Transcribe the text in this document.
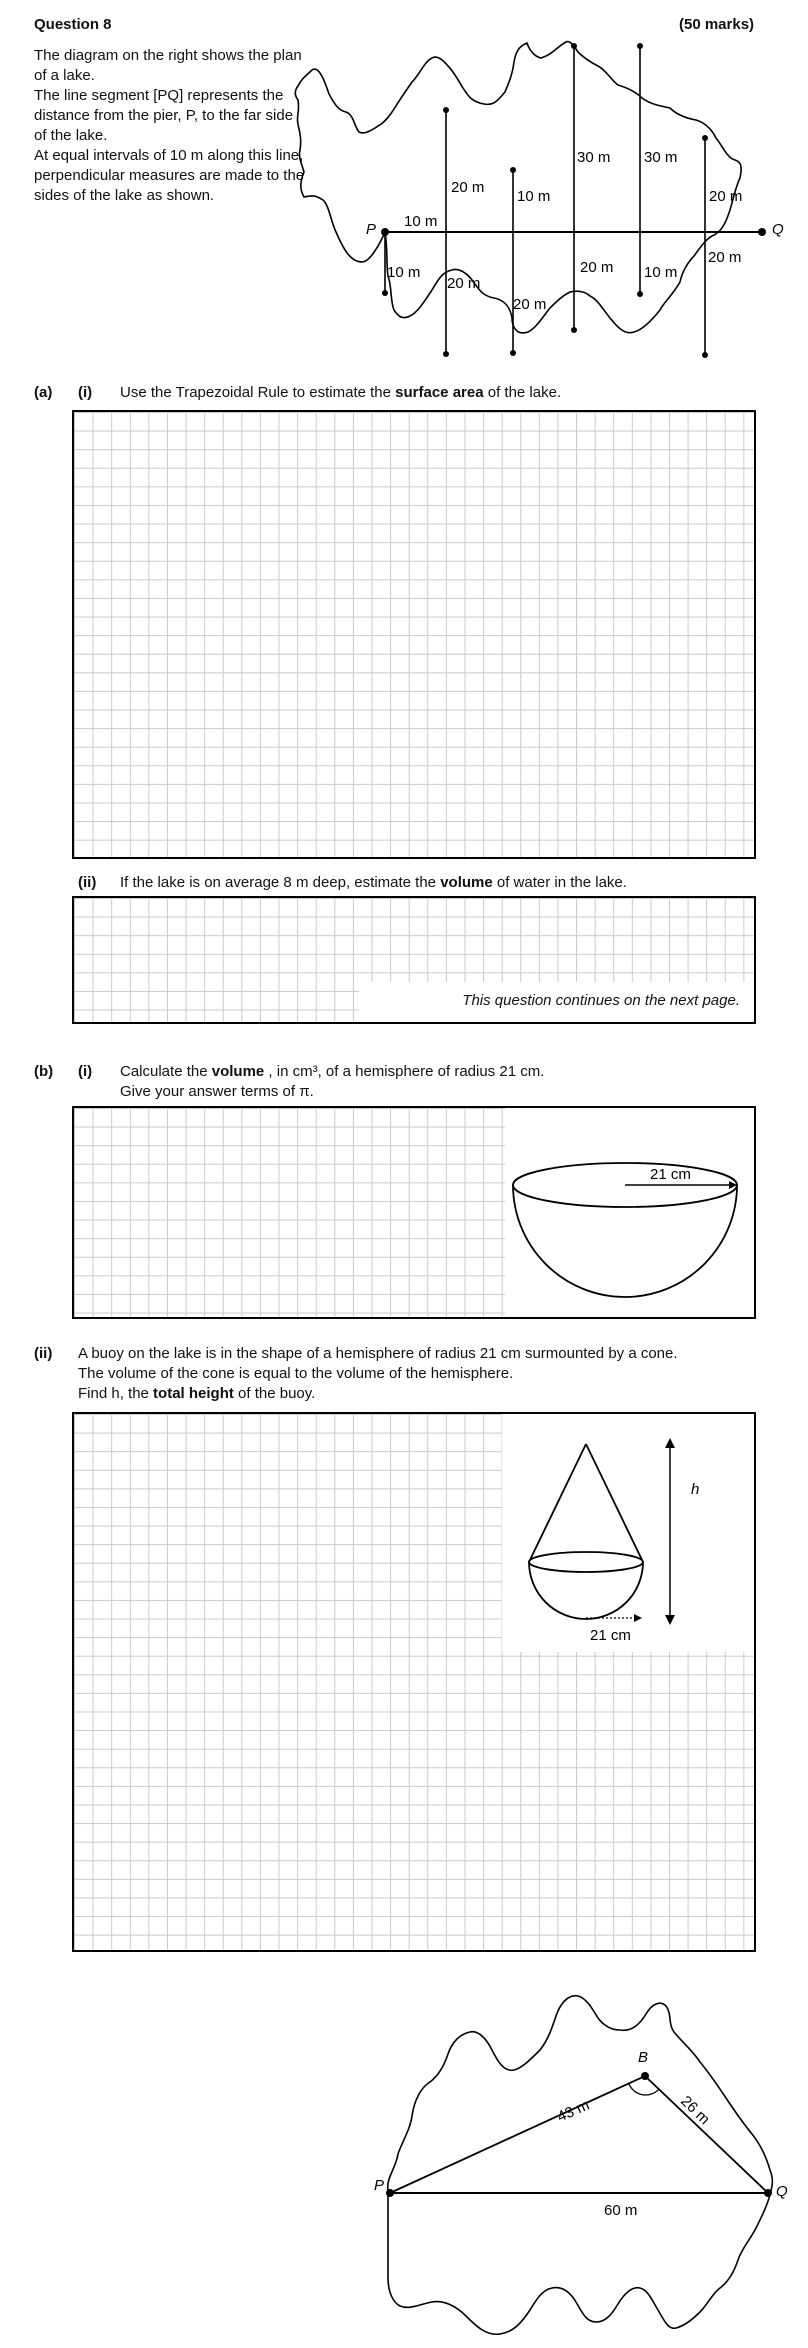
Question 8	(50 marks)
The diagram on the right shows the plan
of a lake.
The line segment [PQ] represents the
distance from the pier, P, to the far side
of the lake.
At equal intervals of 10 m along this line,
perpendicular measures are made to the
sides of the lake as shown.
P	Q
10 m
20 m
10 m
30 m 30 m
20 m
10 m
20 m
20 m
20 m 10 m
20 m
(a) (i) Use the Trapezoidal Rule to estimate the surface area of the lake.
(ii) If the lake is on average 8 m deep, estimate the volume of water in the lake.
This question continues on the next page.
(b) (i) Calculate the volume , in cm³, of a hemisphere of radius 21 cm.
Give your answer terms of π.
21 cm
(ii) A buoy on the lake is in the shape of a hemisphere of radius 21 cm surmounted by a cone.
The volume of the cone is equal to the volume of the hemisphere.
Find h, the total height of the buoy.
21 cm
h
P
B
Q
43 m	26 m
60 m
